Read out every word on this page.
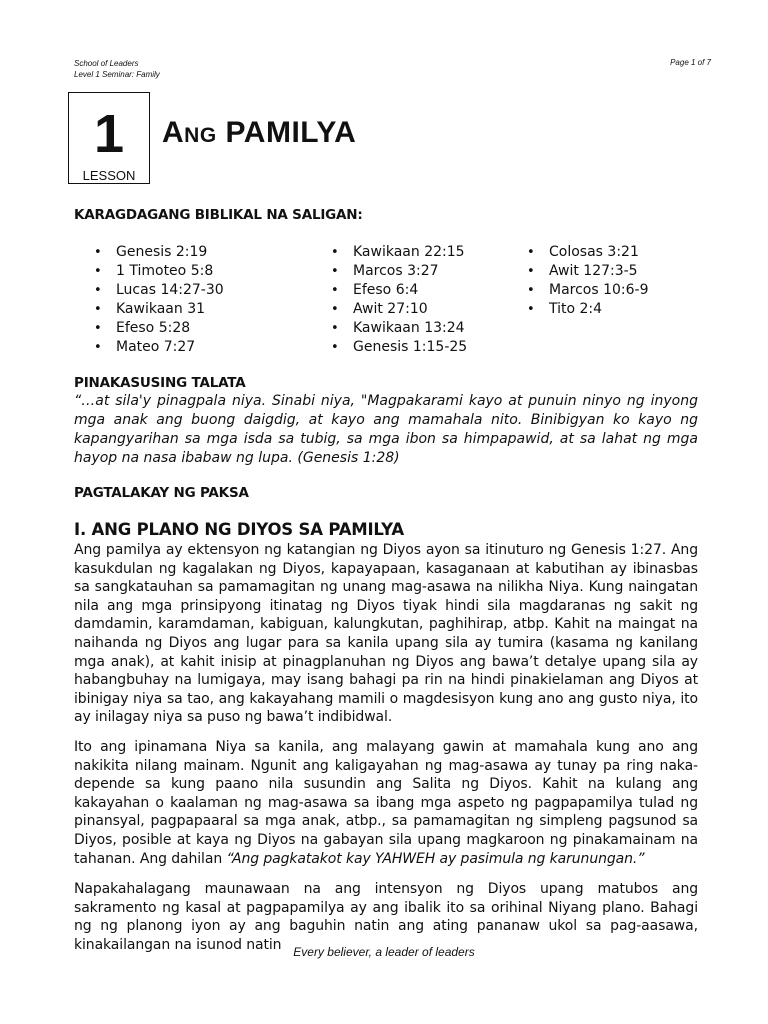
School of Leaders
Level 1 Seminar: Family
Page 1 of 7
1
LESSON
Ang PAMILYA
KARAGDAGANG BIBLIKAL NA SALIGAN:
• Genesis 2:19
• 1 Timoteo 5:8
• Lucas 14:27-30
• Kawikaan 31
• Efeso 5:28
• Mateo 7:27
• Kawikaan 22:15
• Marcos 3:27
• Efeso 6:4
• Awit 27:10
• Kawikaan 13:24
• Genesis 1:15-25
• Colosas 3:21
• Awit 127:3-5
• Marcos 10:6-9
• Tito 2:4
PINAKASUSING TALATA
“…at sila'y pinagpala niya. Sinabi niya, "Magpakarami kayo at punuin ninyo ng inyong mga anak ang buong daigdig, at kayo ang mamahala nito. Binibigyan ko kayo ng kapangyarihan sa mga isda sa tubig, sa mga ibon sa himpapawid, at sa lahat ng mga hayop na nasa ibabaw ng lupa. (Genesis 1:28)
PAGTALAKAY NG PAKSA
I. ANG PLANO NG DIYOS SA PAMILYA
Ang pamilya ay ektensyon ng katangian ng Diyos ayon sa itinuturo ng Genesis 1:27. Ang kasukdulan ng kagalakan ng Diyos, kapayapaan, kasaganaan at kabutihan ay ibinasbas sa sangkatauhan sa pamamagitan ng unang mag-asawa na nilikha Niya. Kung naingatan nila ang mga prinsipyong itinatag ng Diyos tiyak hindi sila magdaranas ng sakit ng damdamin, karamdaman, kabiguan, kalungkutan, paghihirap, atbp. Kahit na maingat na naihanda ng Diyos ang lugar para sa kanila upang sila ay tumira (kasama ng kanilang mga anak), at kahit inisip at pinagplanuhan ng Diyos ang bawa’t detalye upang sila ay habangbuhay na lumigaya, may isang bahagi pa rin na hindi pinakielaman ang Diyos at ibinigay niya sa tao, ang kakayahang mamili o magdesisyon kung ano ang gusto niya, ito ay inilagay niya sa puso ng bawa’t indibidwal.
Ito ang ipinamana Niya sa kanila, ang malayang gawin at mamahala kung ano ang nakikita nilang mainam. Ngunit ang kaligayahan ng mag-asawa ay tunay pa ring naka-depende sa kung paano nila susundin ang Salita ng Diyos. Kahit na kulang ang kakayahan o kaalaman ng mag-asawa sa ibang mga aspeto ng pagpapamilya tulad ng pinansyal, pagpapaaral sa mga anak, atbp., sa pamamagitan ng simpleng pagsunod sa Diyos, posible at kaya ng Diyos na gabayan sila upang magkaroon ng pinakamainam na tahanan. Ang dahilan “Ang pagkatakot kay YAHWEH ay pasimula ng karunungan.”
Napakahalagang maunawaan na ang intensyon ng Diyos upang matubos ang sakramento ng kasal at pagpapamilya ay ang ibalik ito sa orihinal Niyang plano. Bahagi ng ng planong iyon ay ang baguhin natin ang ating pananaw ukol sa pag-aasawa, kinakailangan na isunod natin Every believer, a leader of leaders
